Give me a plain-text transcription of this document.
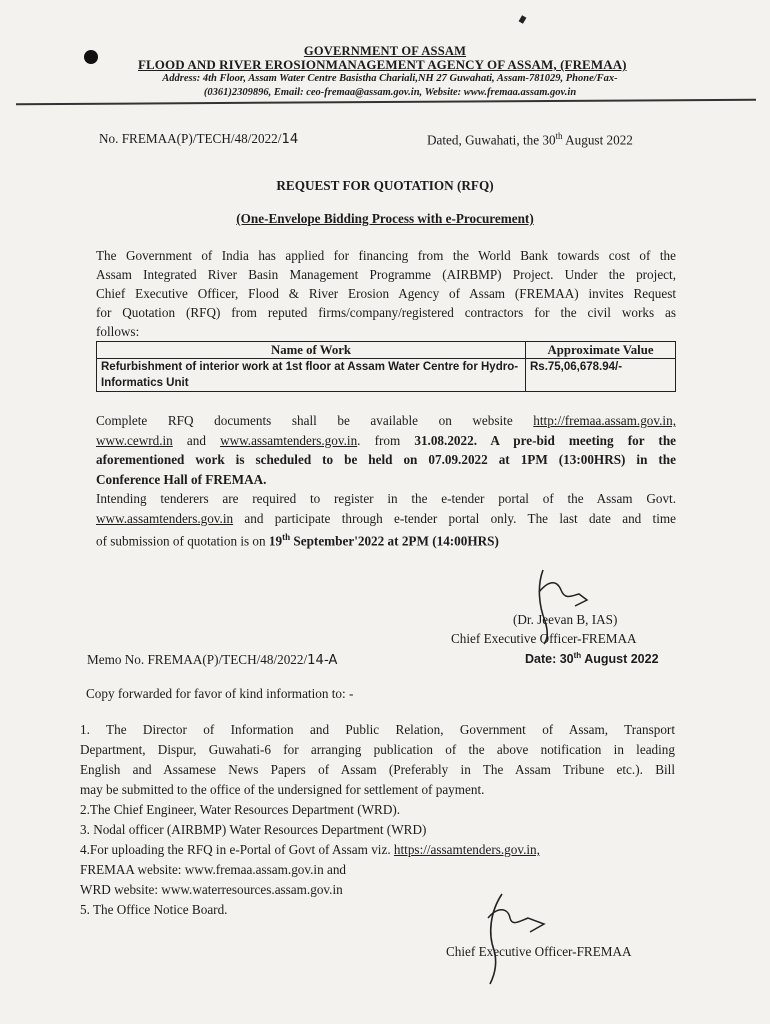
GOVERNMENT OF ASSAM
FLOOD AND RIVER EROSIONMANAGEMENT AGENCY OF ASSAM, (FREMAA)
Address: 4th Floor, Assam Water Centre Basistha Chariali,NH 27 Guwahati, Assam-781029, Phone/Fax-
(0361)2309896, Email: ceo-fremaa@assam.gov.in, Website: www.fremaa.assam.gov.in
No. FREMAA(P)/TECH/48/2022/14	Dated, Guwahati, the 30th August 2022
REQUEST FOR QUOTATION (RFQ)
(One-Envelope Bidding Process with e-Procurement)
The Government of India has applied for financing from the World Bank towards cost of the
Assam Integrated River Basin Management Programme (AIRBMP) Project. Under the project,
Chief Executive Officer, Flood & River Erosion Agency of Assam (FREMAA) invites Request
for Quotation (RFQ) from reputed firms/company/registered contractors for the civil works as
follows:
Name of Work	Approximate Value
Refurbishment of interior work at 1st floor at Assam Water Centre for Hydro- Informatics Unit	Rs.75,06,678.94/-
Complete RFQ documents shall be available on website http://fremaa.assam.gov.in,
www.cewrd.in and www.assamtenders.gov.in. from 31.08.2022. A pre-bid meeting for the
aforementioned work is scheduled to be held on 07.09.2022 at 1PM (13:00HRS) in the
Conference Hall of FREMAA.
Intending tenderers are required to register in the e-tender portal of the Assam Govt.
www.assamtenders.gov.in and participate through e-tender portal only. The last date and time
of submission of quotation is on 19th September'2022 at 2PM (14:00HRS)
(Dr. Jeevan B, IAS)
Chief Executive Officer-FREMAA
Date: 30th August 2022
Memo No. FREMAA(P)/TECH/48/2022/14-A
Copy forwarded for favor of kind information to: -
1. The Director of Information and Public Relation, Government of Assam, Transport
Department, Dispur, Guwahati-6 for arranging publication of the above notification in leading
English and Assamese News Papers of Assam (Preferably in The Assam Tribune etc.). Bill
may be submitted to the office of the undersigned for settlement of payment.
2.The Chief Engineer, Water Resources Department (WRD).
3. Nodal officer (AIRBMP) Water Resources Department (WRD)
4.For uploading the RFQ in e-Portal of Govt of Assam viz. https://assamtenders.gov.in,
FREMAA website: www.fremaa.assam.gov.in and
WRD website: www.waterresources.assam.gov.in
5. The Office Notice Board.
Chief Executive Officer-FREMAA
